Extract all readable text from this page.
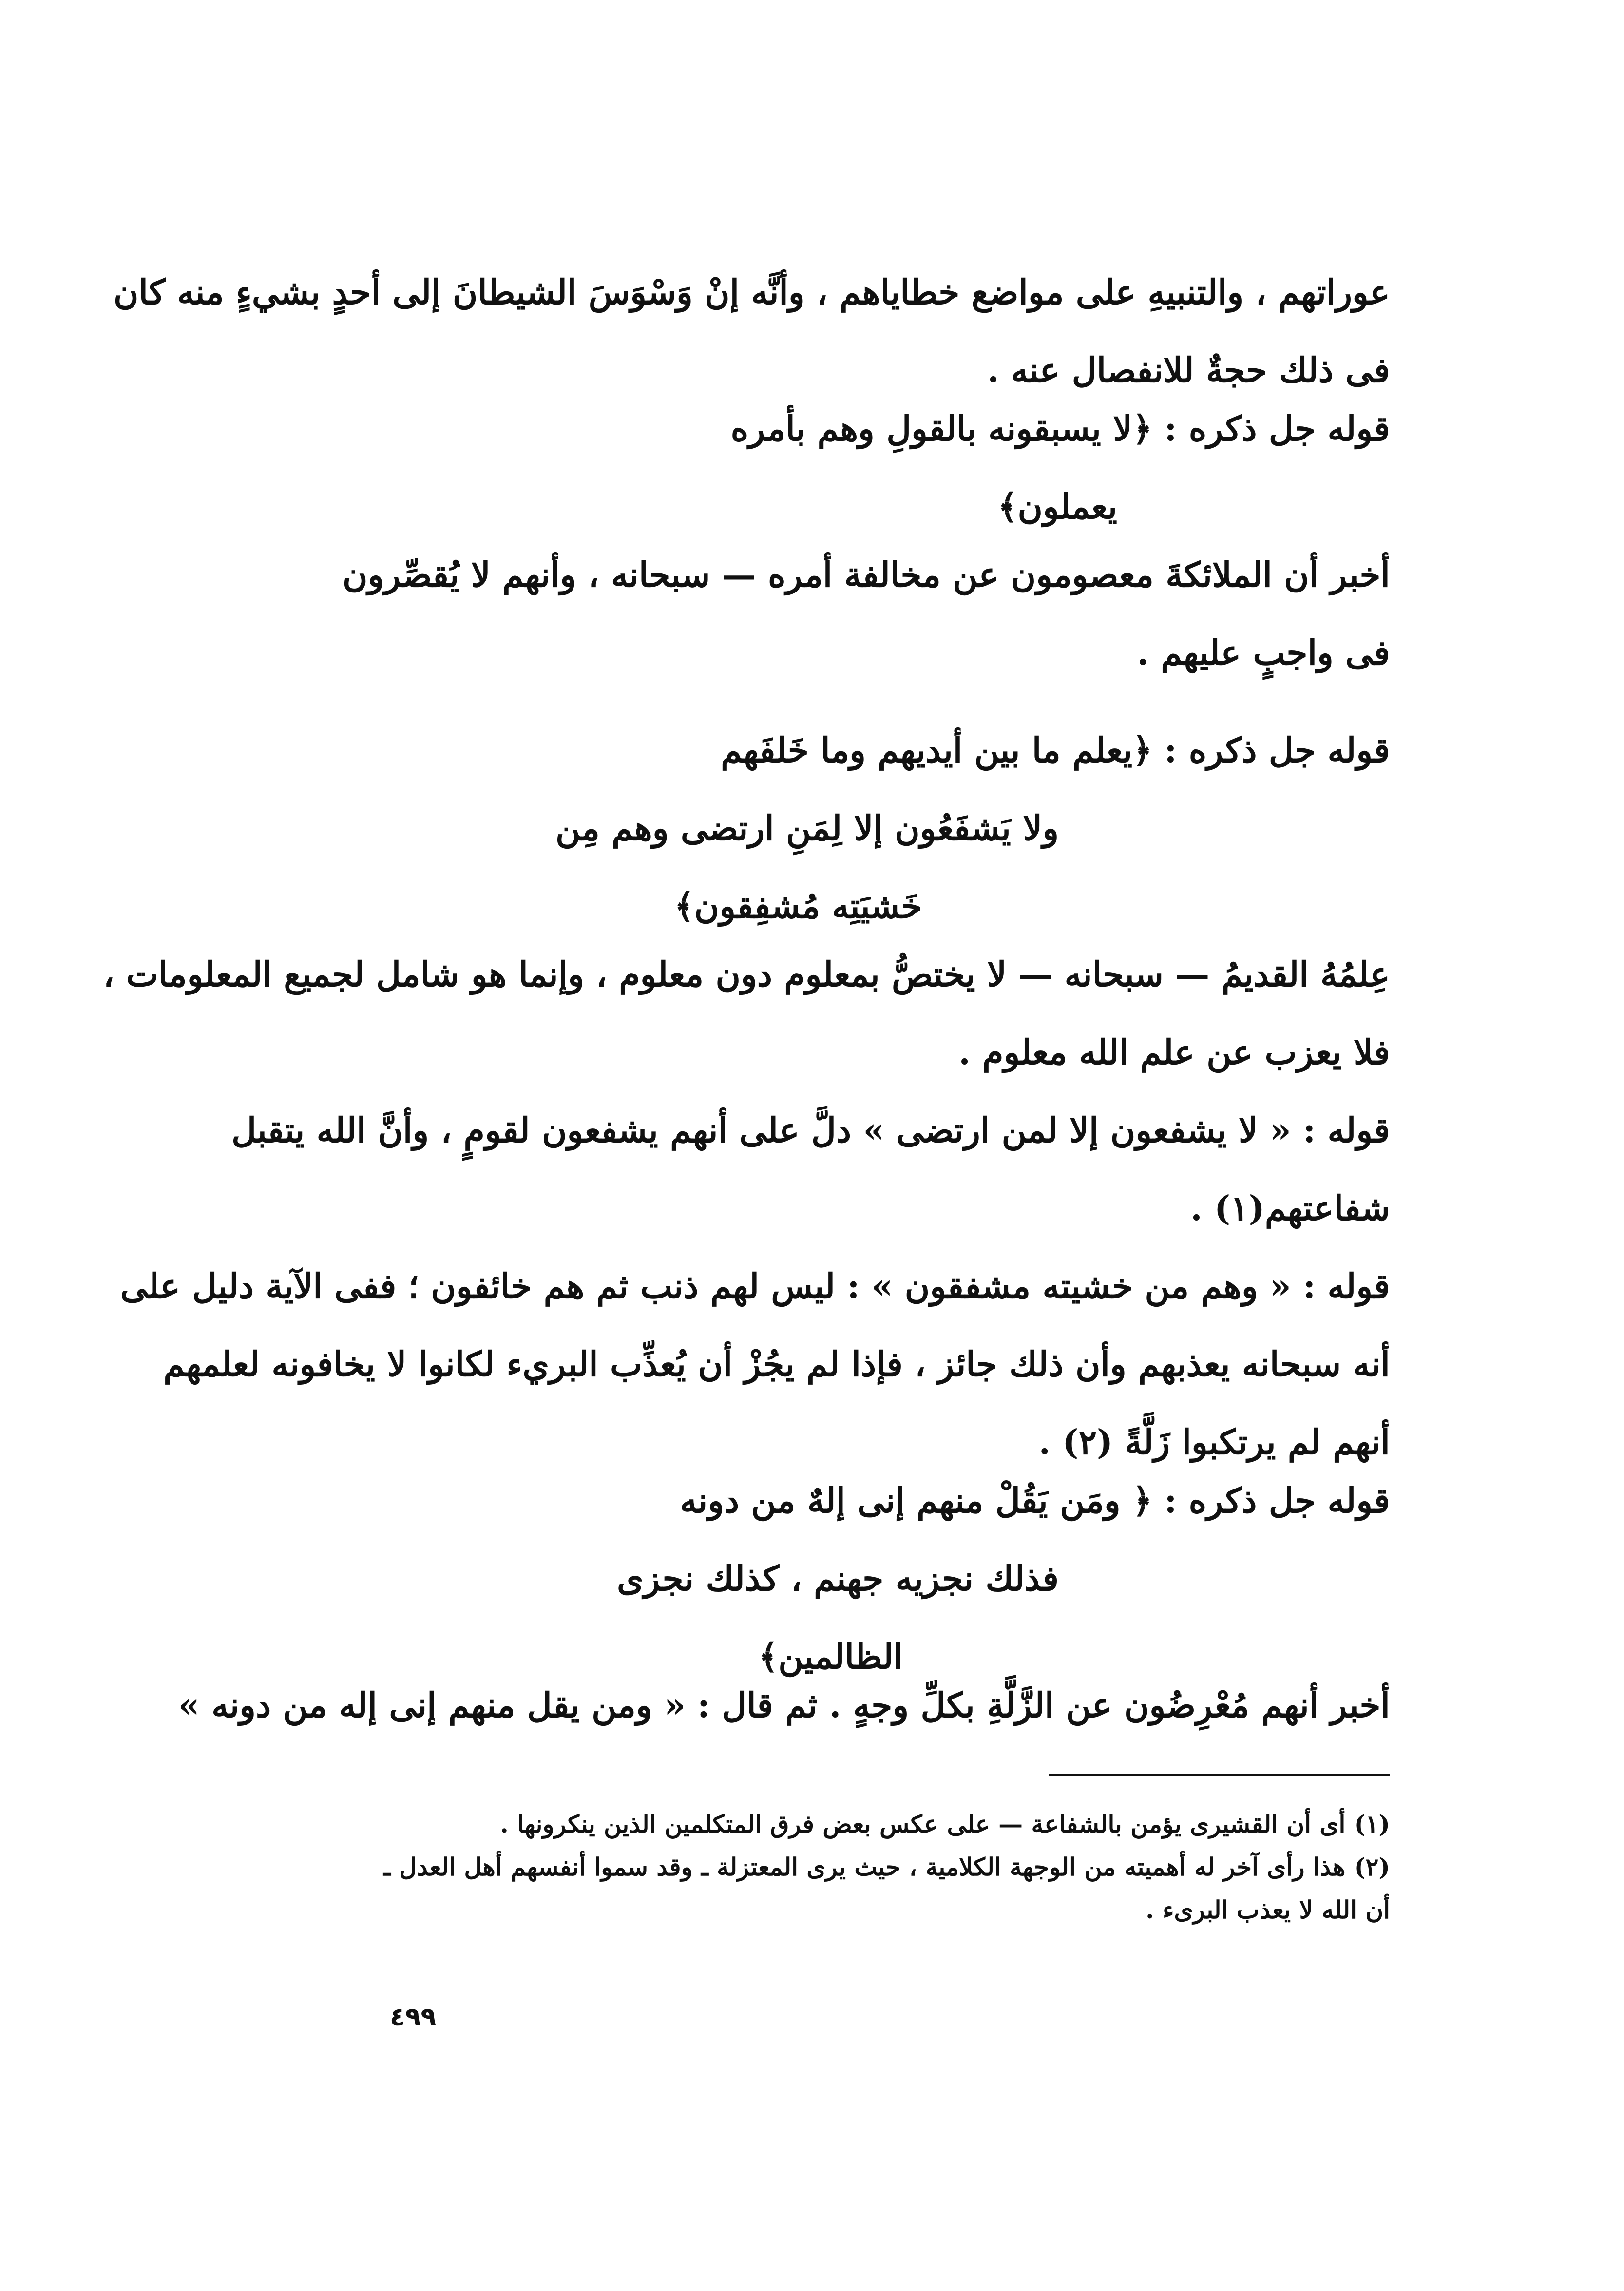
عوراتهم ، والتنبيهِ على مواضع خطاياهم ، وأنَّه إنْ وَسْوَسَ الشيطانَ إلى أحدٍ بشيءٍ منه كان
فى ذلك حجةٌ للانفصال عنه .
قوله جل ذكره : ﴿لا يسبقونه بالقولِ وهم بأمره
يعملون﴾
أخبر أن الملائكةَ معصومون عن مخالفة أمره — سبحانه ، وأنهم لا يُقصِّرون
فى واجبٍ عليهم .
قوله جل ذكره : ﴿يعلم ما بين أيديهم وما خَلفَهم
ولا يَشفَعُون إلا لِمَنِ ارتضى وهم مِن
خَشيَتِه مُشفِقون﴾
عِلمُهُ القديمُ — سبحانه — لا يختصُّ بمعلوم دون معلوم ، وإنما هو شامل لجميع المعلومات ،
فلا يعزب عن علم الله معلوم .
قوله : « لا يشفعون إلا لمن ارتضى » دلَّ على أنهم يشفعون لقومٍ ، وأنَّ الله يتقبل
شفاعتهم(١) .
قوله : « وهم من خشيته مشفقون » : ليس لهم ذنب ثم هم خائفون ؛ ففى الآية دليل على
أنه سبحانه يعذبهم وأن ذلك جائز ، فإذا لم يجُزْ أن يُعذِّب البريء لكانوا لا يخافونه لعلمهم
أنهم لم يرتكبوا زَلَّةً (٢) .
قوله جل ذكره : ﴿ ومَن يَقُلْ منهم إنى إلهٌ من دونه
فذلك نجزيه جهنم ، كذلك نجزى
الظالمين﴾
أخبر أنهم مُعْرِضُون عن الزَّلَّةِ بكلِّ وجهٍ . ثم قال : « ومن يقل منهم إنى إله من دونه »
(١) أى أن القشيرى يؤمن بالشفاعة — على عكس بعض فرق المتكلمين الذين ينكرونها .
(٢) هذا رأى آخر له أهميته من الوجهة الكلامية ، حيث يرى المعتزلة ـ وقد سموا أنفسهم أهل العدل ـ
أن الله لا يعذب البرىء .
٤٩٩
